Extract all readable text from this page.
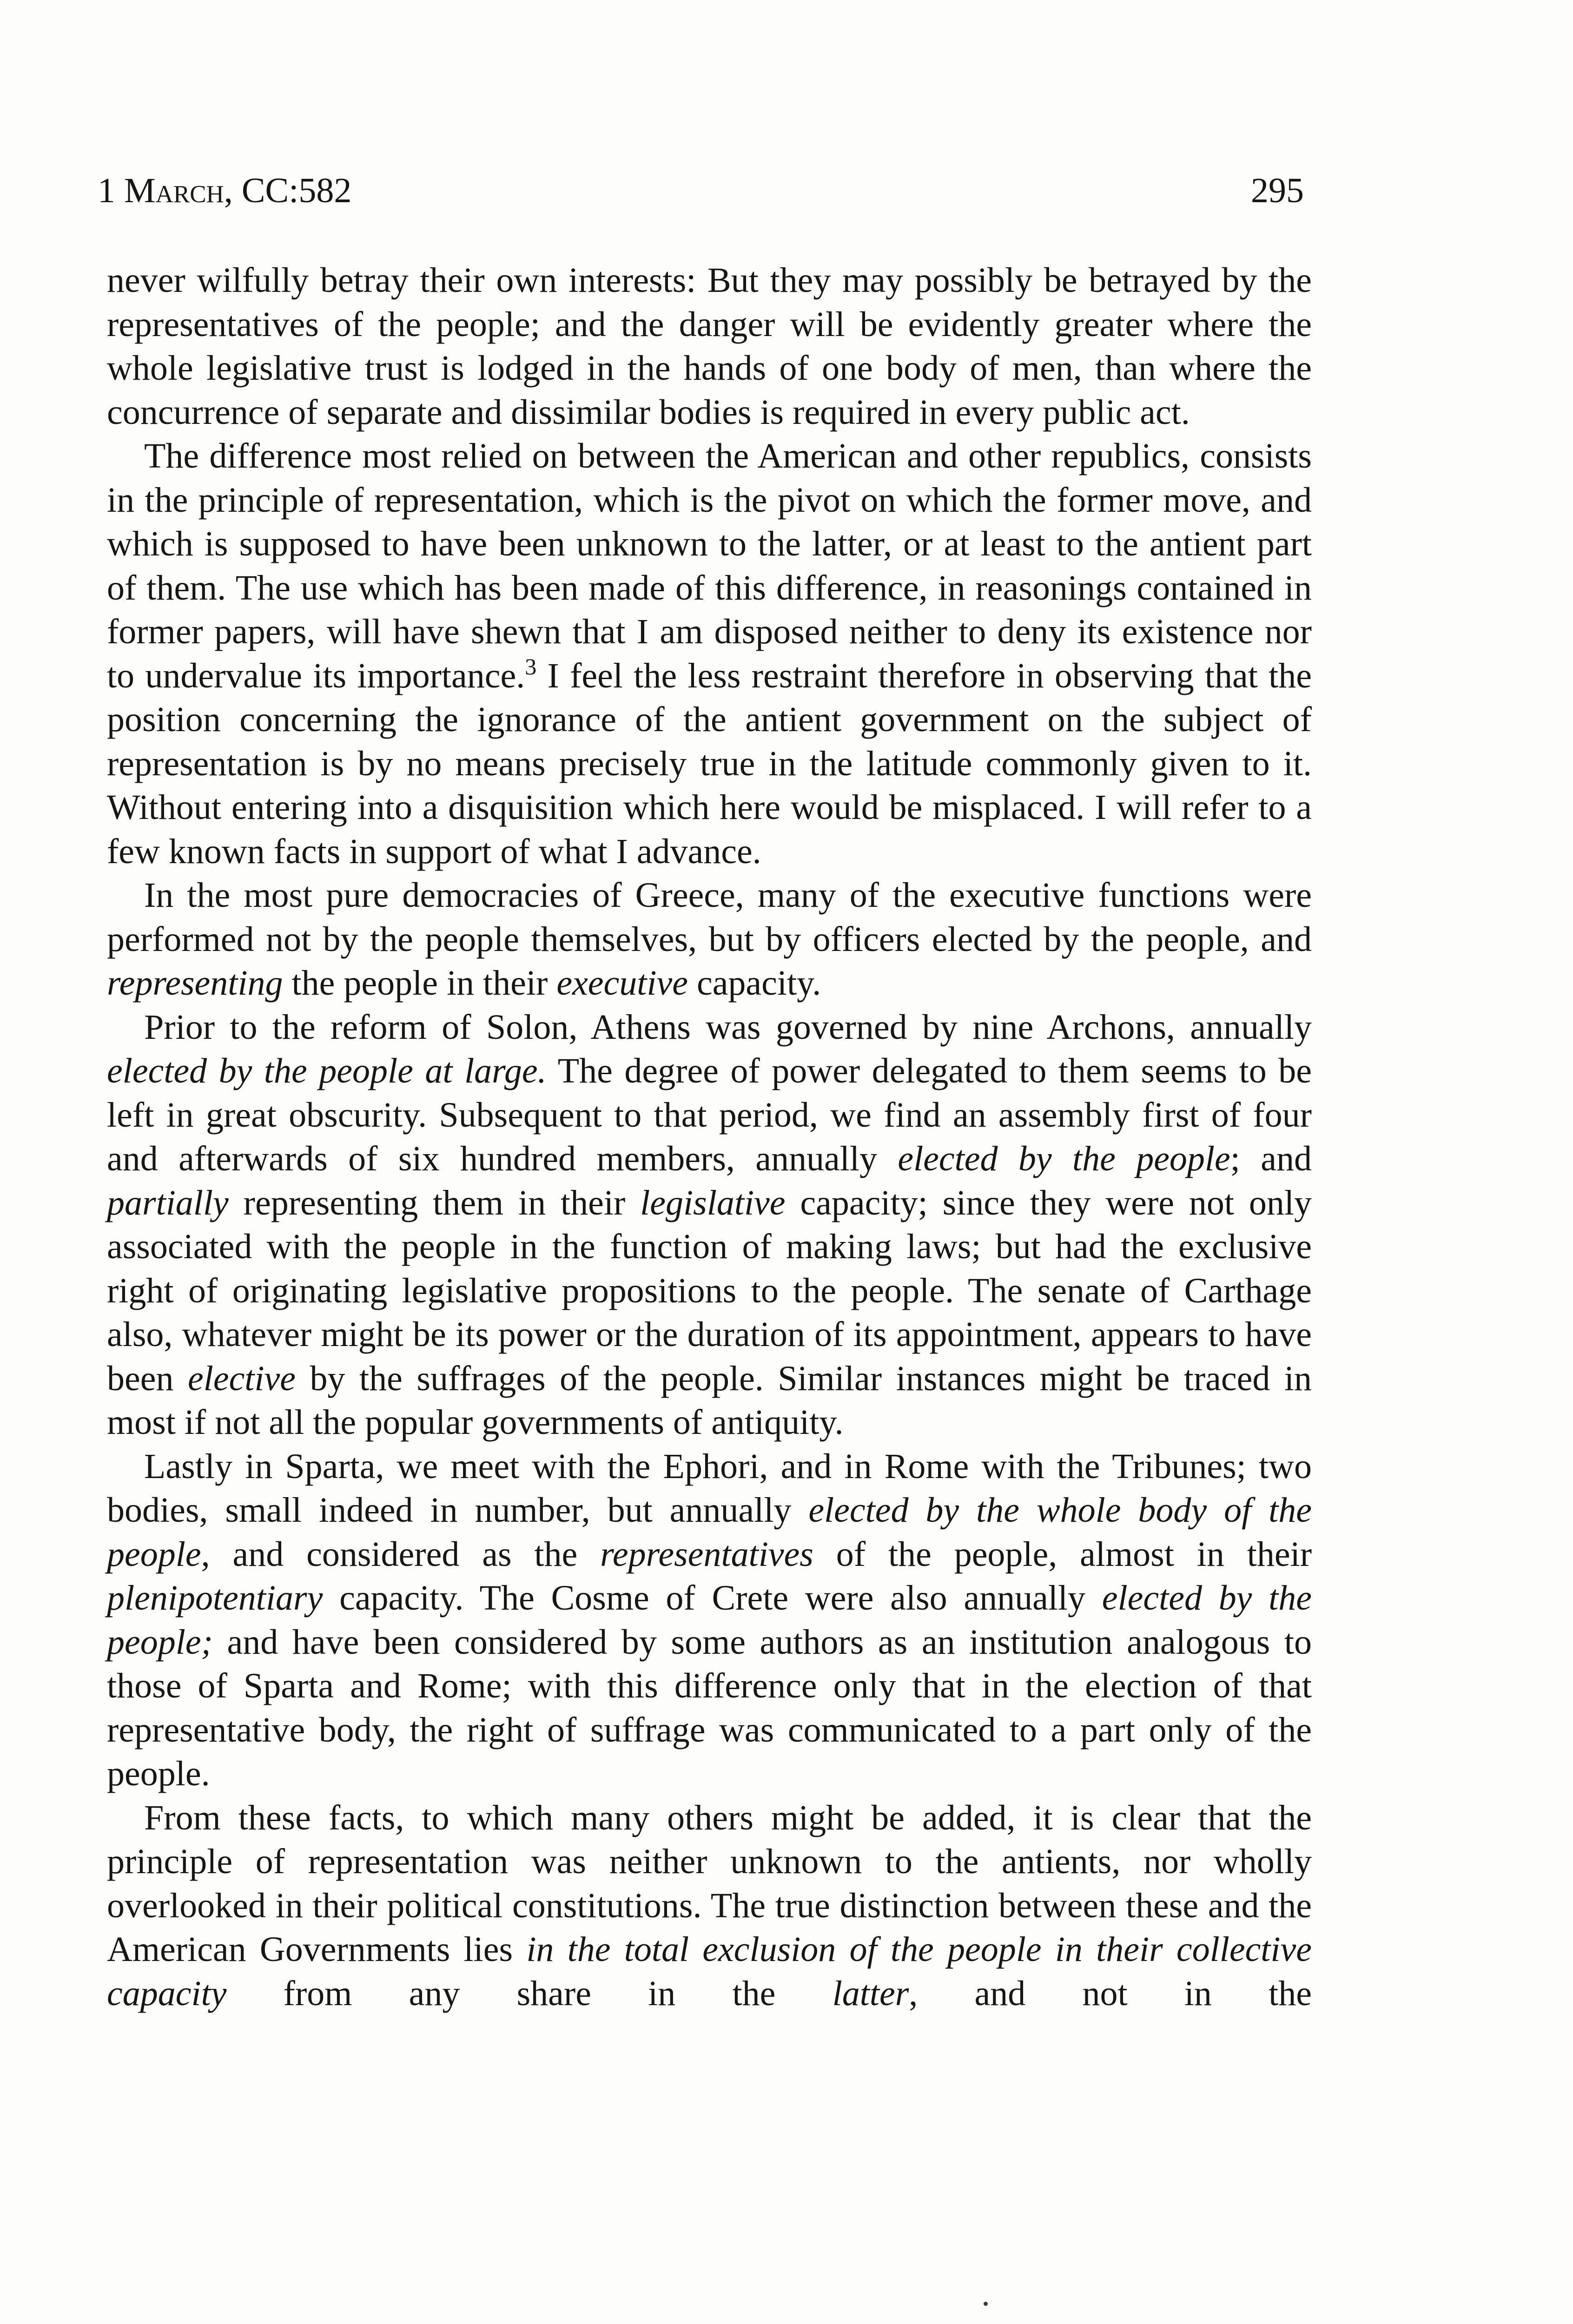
1 March, CC:582	295

never wilfully betray their own interests: But they may possibly be betrayed by the representatives of the people; and the danger will be evidently greater where the whole legislative trust is lodged in the hands of one body of men, than where the concurrence of separate and dissimilar bodies is required in every public act.

The difference most relied on between the American and other republics, consists in the principle of representation, which is the pivot on which the former move, and which is supposed to have been unknown to the latter, or at least to the antient part of them. The use which has been made of this difference, in reasonings contained in former papers, will have shewn that I am disposed neither to deny its existence nor to undervalue its importance.$^3$ I feel the less restraint therefore in observing that the position concerning the ignorance of the antient government on the subject of representation is by no means precisely true in the latitude commonly given to it. Without entering into a disquisition which here would be misplaced. I will refer to a few known facts in support of what I advance.

In the most pure democracies of Greece, many of the executive functions were performed not by the people themselves, but by officers elected by the people, and representing the people in their executive capacity.

Prior to the reform of Solon, Athens was governed by nine Archons, annually elected by the people at large. The degree of power delegated to them seems to be left in great obscurity. Subsequent to that period, we find an assembly first of four and afterwards of six hundred members, annually elected by the people; and partially representing them in their legislative capacity; since they were not only associated with the people in the function of making laws; but had the exclusive right of originating legislative propositions to the people. The senate of Carthage also, whatever might be its power or the duration of its appointment, appears to have been elective by the suffrages of the people. Similar instances might be traced in most if not all the popular governments of antiquity.

Lastly in Sparta, we meet with the Ephori, and in Rome with the Tribunes; two bodies, small indeed in number, but annually elected by the whole body of the people, and considered as the representatives of the people, almost in their plenipotentiary capacity. The Cosme of Crete were also annually elected by the people; and have been considered by some authors as an institution analogous to those of Sparta and Rome; with this difference only that in the election of that representative body, the right of suffrage was communicated to a part only of the people.

From these facts, to which many others might be added, it is clear that the principle of representation was neither unknown to the antients, nor wholly overlooked in their political constitutions. The true distinction between these and the American Governments lies in the total exclusion of the people in their collective capacity from any share in the latter, and not in the
